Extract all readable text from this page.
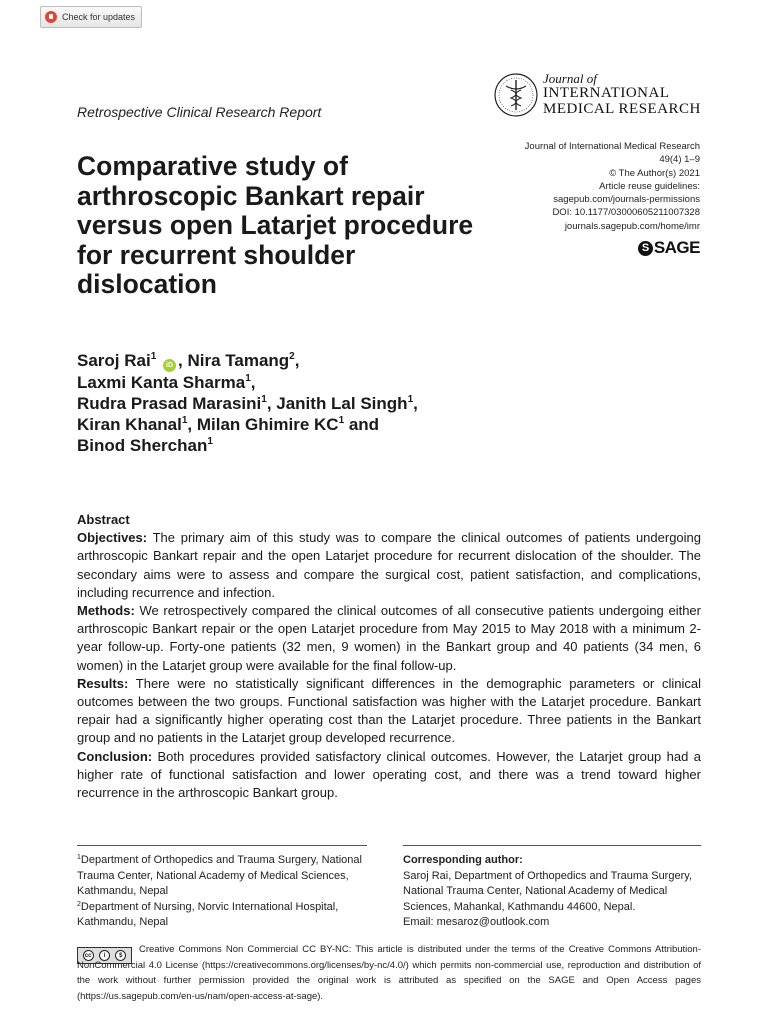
Check for updates
Retrospective Clinical Research Report
Journal of
INTERNATIONAL
MEDICAL RESEARCH
Journal of International Medical Research
49(4) 1–9
© The Author(s) 2021
Article reuse guidelines:
sagepub.com/journals-permissions
DOI: 10.1177/03000605211007328
journals.sagepub.com/home/imr
S SAGE
Comparative study of arthroscopic Bankart repair versus open Latarjet procedure for recurrent shoulder dislocation
Saroj Rai$^1$ iD , Nira Tamang$^2$,
Laxmi Kanta Sharma$^1$,
Rudra Prasad Marasini$^1$, Janith Lal Singh$^1$,
Kiran Khanal$^1$, Milan Ghimire $KC^1$ and
Binod Sherchan$^1$
Abstract

Objectives: The primary aim of this study was to compare the clinical outcomes of patients undergoing arthroscopic Bankart repair and the open Latarjet procedure for recurrent dislocation of the shoulder. The secondary aims were to assess and compare the surgical cost, patient satisfaction, and complications, including recurrence and infection.

Methods: We retrospectively compared the clinical outcomes of all consecutive patients undergoing either arthroscopic Bankart repair or the open Latarjet procedure from May 2015 to May 2018 with a minimum 2-year follow-up. Forty-one patients (32 men, 9 women) in the Bankart group and 40 patients (34 men, 6 women) in the Latarjet group were available for the final follow-up.

Results: There were no statistically significant differences in the demographic parameters or clinical outcomes between the two groups. Functional satisfaction was higher with the Latarjet procedure. Bankart repair had a significantly higher operating cost than the Latarjet procedure. Three patients in the Bankart group and no patients in the Latarjet group developed recurrence.

Conclusion: Both procedures provided satisfactory clinical outcomes. However, the Latarjet group had a higher rate of functional satisfaction and lower operating cost, and there was a trend toward higher recurrence in the arthroscopic Bankart group.

$^1$Department of Orthopedics and Trauma Surgery, National Trauma Center, National Academy of Medical Sciences, Kathmandu, Nepal
$^2$Department of Nursing, Norvic International Hospital, Kathmandu, Nepal
Corresponding author:
Saroj Rai, Department of Orthopedics and Trauma Surgery, National Trauma Center, National Academy of Medical Sciences, Mahankal, Kathmandu 44600, Nepal.
Email: mesaroz@outlook.com
cc	i	$
Creative Commons Non Commercial CC BY-NC: This article is distributed under the terms of the Creative Commons Attribution-NonCommercial 4.0 License (https://creativecommons.org/licenses/by-nc/4.0/) which permits non-commercial use, reproduction and distribution of the work without further permission provided the original work is attributed as specified on the SAGE and Open Access pages (https://us.sagepub.com/en-us/nam/open-access-at-sage).
